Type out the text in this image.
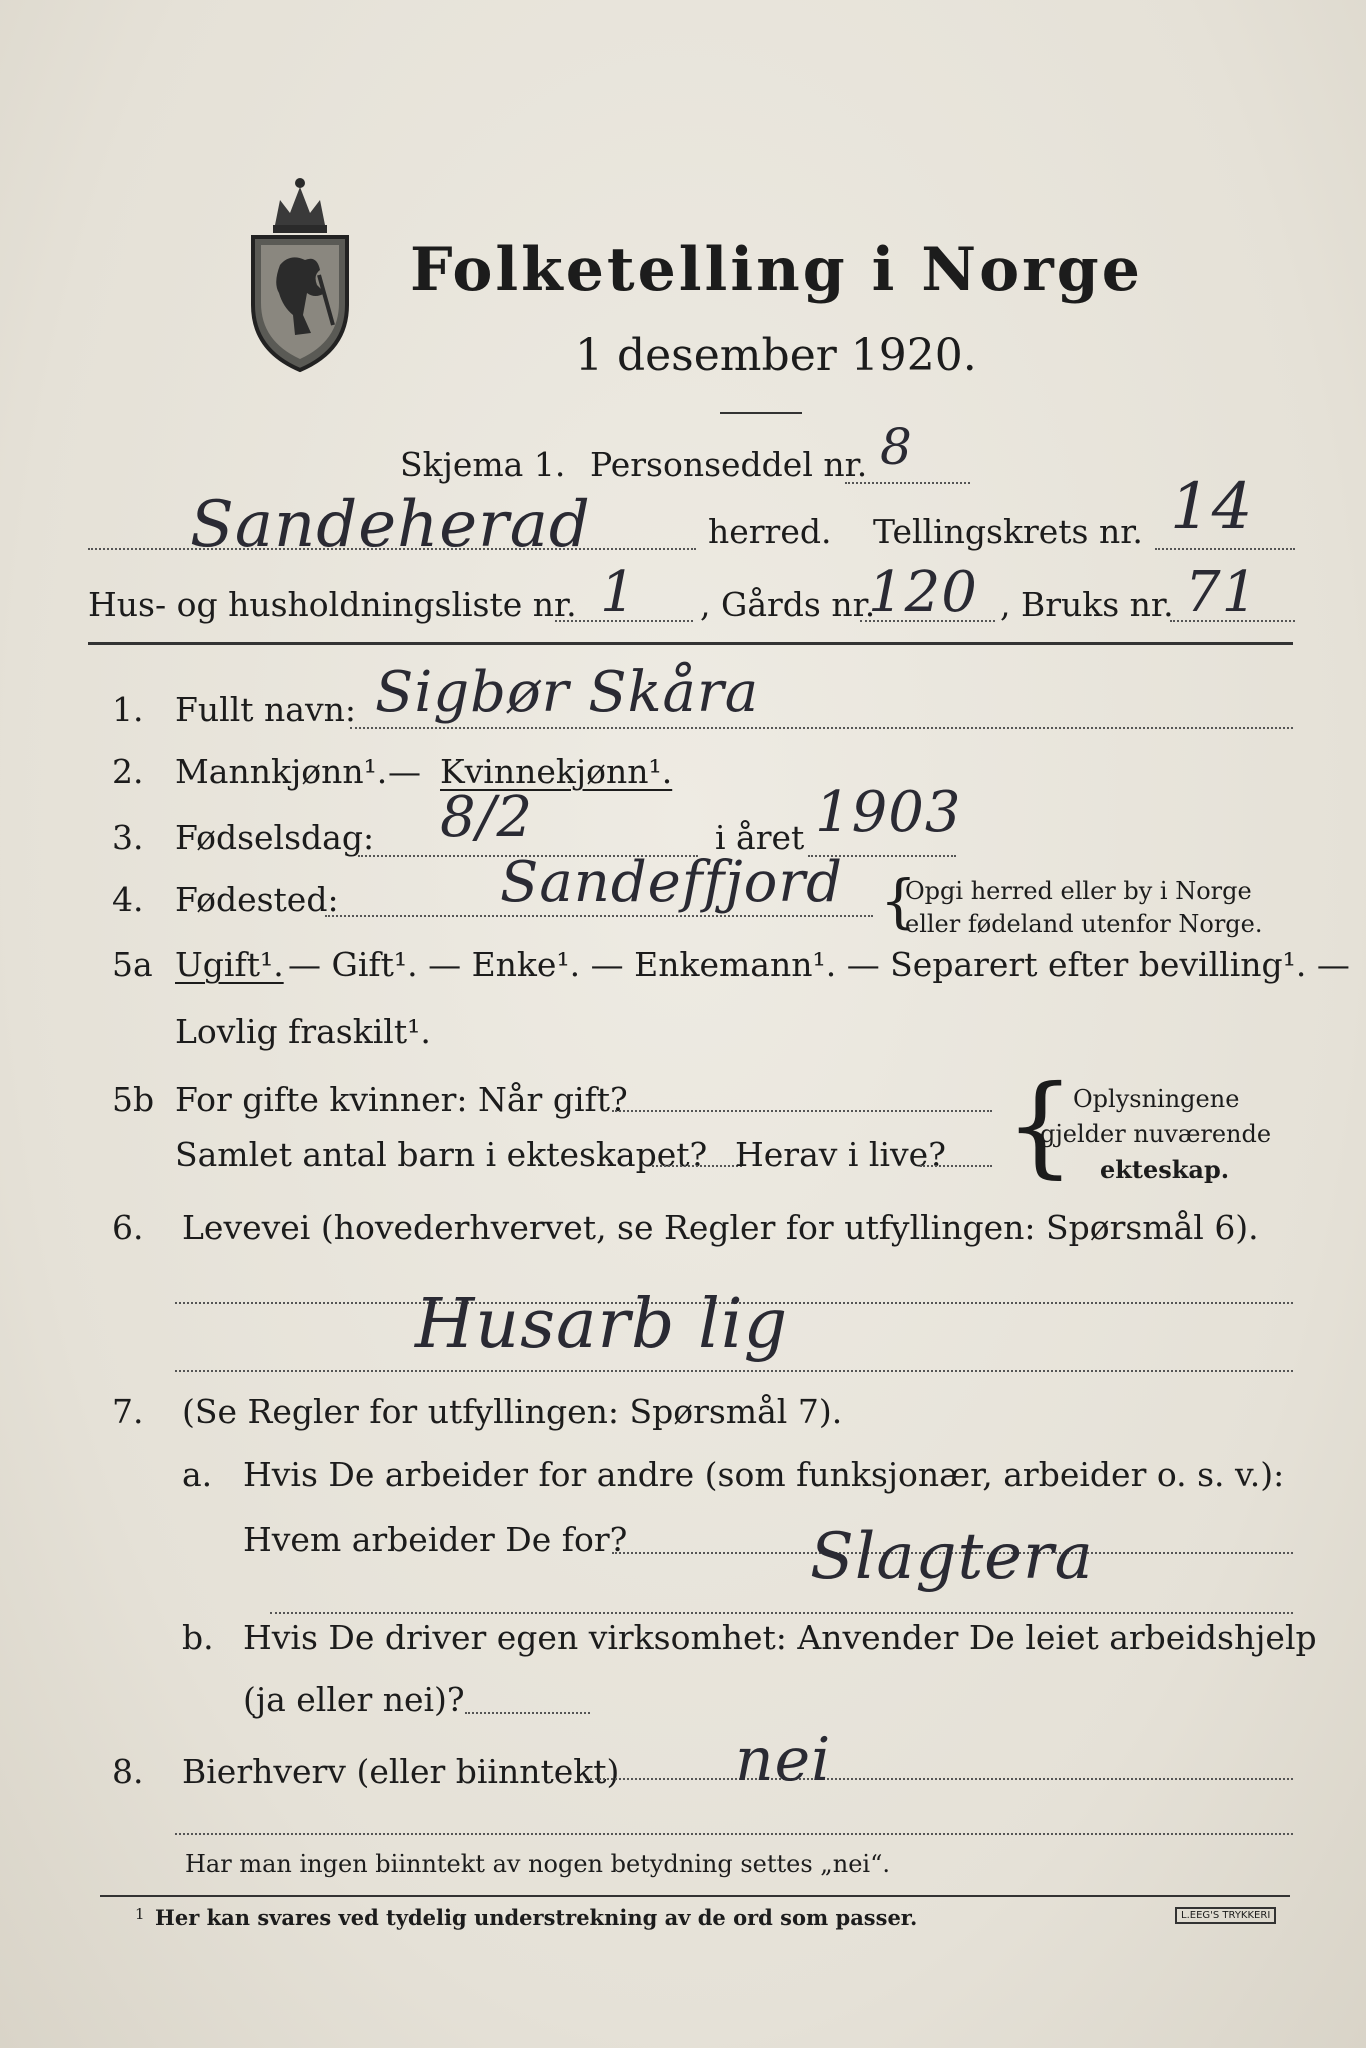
Folketelling i Norge
1 desember 1920.
Skjema 1. Personseddel nr. 8
Sandeherad	herred. Tellingskrets nr. 14
Hus- og husholdningsliste nr. 1 , Gårds nr.
120 , Bruks nr. 71
1. Fullt navn: Sigbør Skåra
2. Mannkjønn¹. — Kvinnekjønn¹.
3. Fødselsdag: 8/2	i året 1903
4. Fødested:	Sandeffjord {
Opgi herred eller by i Norge
eller fødeland utenfor Norge.
5a Ugift¹. — Gift¹. — Enke¹. — Enkemann¹. — Separert efter bevilling¹. —
Lovlig fraskilt¹.
5b For gifte kvinner: Når gift?
Samlet antal barn i ekteskapet? Herav i live? {
Oplysningene
gjelder nuværende
ekteskap.
6. Levevei (hovederhvervet, se Regler for utfyllingen: Spørsmål 6).
Husarb lig
7. (Se Regler for utfyllingen: Spørsmål 7).
a. Hvis De arbeider for andre (som funksjonær, arbeider o. s. v.):
Hvem arbeider De for?	Slagtera
b. Hvis De driver egen virksomhet: Anvender De leiet arbeidshjelp
(ja eller nei)?
8. Bierhverv (eller biinntekt) nei
Har man ingen biinntekt av nogen betydning settes „nei“.
1 Her kan svares ved tydelig understrekning av de ord som passer.	L.EEG'S TRYKKERI
